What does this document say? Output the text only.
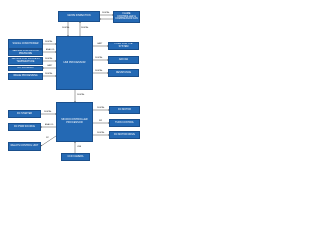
MAXIM INSPECTION
FLAME CONTROLLER & COMPRESSOR FAN
SIGNAL CONDITIONER
SENSOR FOR AIR LOW PRESSURE
SENSOR FOR PROCESS TEMPERATURE
DC SOURCES
IMAGE PROCESSING
HMI PROCESSOR
PUMP FOR THE SYSTEM
AIR FAN
RESISTANCE
DC STARTER
DC PWM SOURCE
RELAYS CONTROL UNIT
MICROCONTROLLER PROCESSOR
DC MOTOR
TURN CONTROL
DC MOTOR DRIVE
CCD CAMERA
DIGITAL	DIGITAL
DIGITAL
DIGITAL
ANALOG
DIGITAL
UART
DIGITAL
UART
DIGITAL
DIGITAL
DIGITAL
DIGITAL
ANALOG
I2C
DIGITAL
SPI
DIGITAL
USB
